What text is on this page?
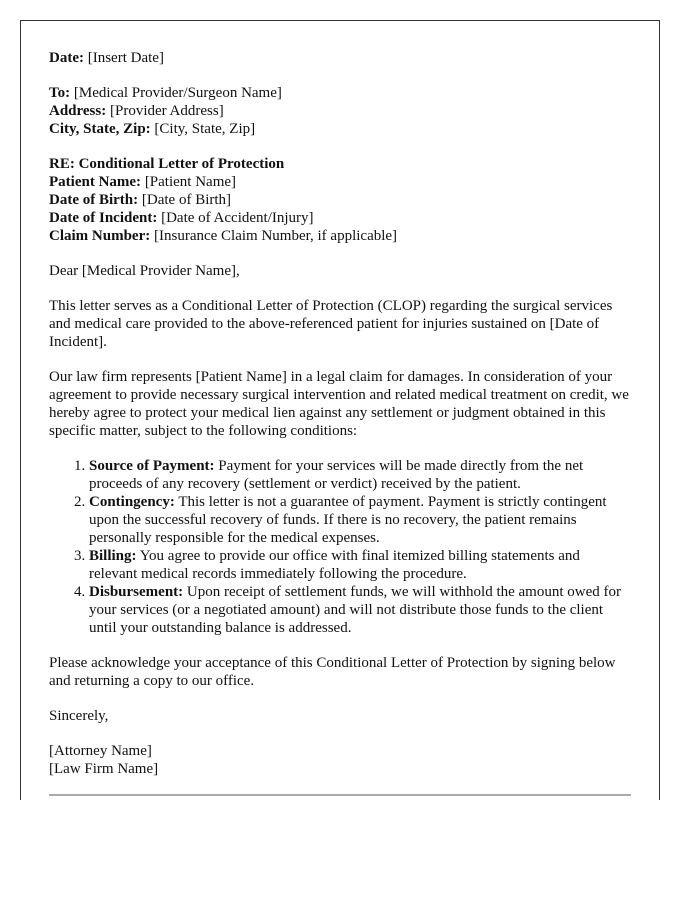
Date: [Insert Date]

To: [Medical Provider/Surgeon Name]
Address: [Provider Address]
City, State, Zip: [City, State, Zip]

RE: Conditional Letter of Protection
Patient Name: [Patient Name]
Date of Birth: [Date of Birth]
Date of Incident: [Date of Accident/Injury]
Claim Number: [Insurance Claim Number, if applicable]

Dear [Medical Provider Name],

This letter serves as a Conditional Letter of Protection (CLOP) regarding the surgical services and medical care provided to the above-referenced patient for injuries sustained on [Date of Incident].

Our law firm represents [Patient Name] in a legal claim for damages. In consideration of your agreement to provide necessary surgical intervention and related medical treatment on credit, we hereby agree to protect your medical lien against any settlement or judgment obtained in this specific matter, subject to the following conditions:

1. Source of Payment: Payment for your services will be made directly from the net proceeds of any recovery (settlement or verdict) received by the patient.
2. Contingency: This letter is not a guarantee of payment. Payment is strictly contingent upon the successful recovery of funds. If there is no recovery, the patient remains personally responsible for the medical expenses.
3. Billing: You agree to provide our office with final itemized billing statements and relevant medical records immediately following the procedure.
4. Disbursement: Upon receipt of settlement funds, we will withhold the amount owed for your services (or a negotiated amount) and will not distribute those funds to the client until your outstanding balance is addressed.

Please acknowledge your acceptance of this Conditional Letter of Protection by signing below and returning a copy to our office.

Sincerely,

[Attorney Name]
[Law Firm Name]
